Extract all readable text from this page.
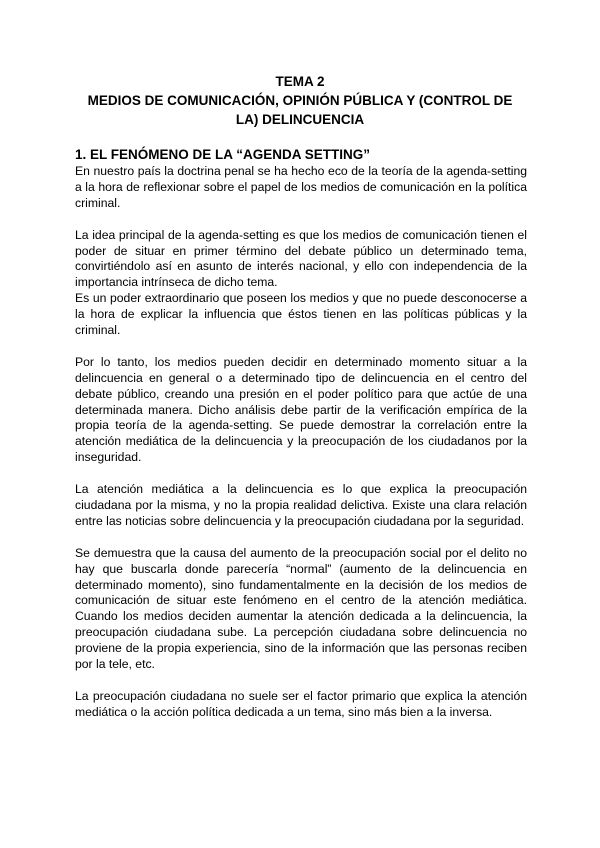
TEMA 2
MEDIOS DE COMUNICACIÓN, OPINIÓN PÚBLICA Y (CONTROL DE
LA) DELINCUENCIA
1. EL FENÓMENO DE LA “AGENDA SETTING”

En nuestro país la doctrina penal se ha hecho eco de la teoría de la agenda-setting a la hora de reflexionar sobre el papel de los medios de comunicación en la política criminal.

La idea principal de la agenda-setting es que los medios de comunicación tienen el poder de situar en primer término del debate público un determinado tema, convirtiéndolo así en asunto de interés nacional, y ello con independencia de la importancia intrínseca de dicho tema.

Es un poder extraordinario que poseen los medios y que no puede desconocerse a la hora de explicar la influencia que éstos tienen en las políticas públicas y la criminal.

Por lo tanto, los medios pueden decidir en determinado momento situar a la delincuencia en general o a determinado tipo de delincuencia en el centro del debate público, creando una presión en el poder político para que actúe de una determinada manera. Dicho análisis debe partir de la verificación empírica de la propia teoría de la agenda-setting. Se puede demostrar la correlación entre la atención mediática de la delincuencia y la preocupación de los ciudadanos por la inseguridad.

La atención mediática a la delincuencia es lo que explica la preocupación ciudadana por la misma, y no la propia realidad delictiva. Existe una clara relación entre las noticias sobre delincuencia y la preocupación ciudadana por la seguridad.

Se demuestra que la causa del aumento de la preocupación social por el delito no hay que buscarla donde parecería “normal” (aumento de la delincuencia en determinado momento), sino fundamentalmente en la decisión de los medios de comunicación de situar este fenómeno en el centro de la atención mediática. Cuando los medios deciden aumentar la atención dedicada a la delincuencia, la preocupación ciudadana sube. La percepción ciudadana sobre delincuencia no proviene de la propia experiencia, sino de la información que las personas reciben por la tele, etc.

La preocupación ciudadana no suele ser el factor primario que explica la atención mediática o la acción política dedicada a un tema, sino más bien a la inversa.
